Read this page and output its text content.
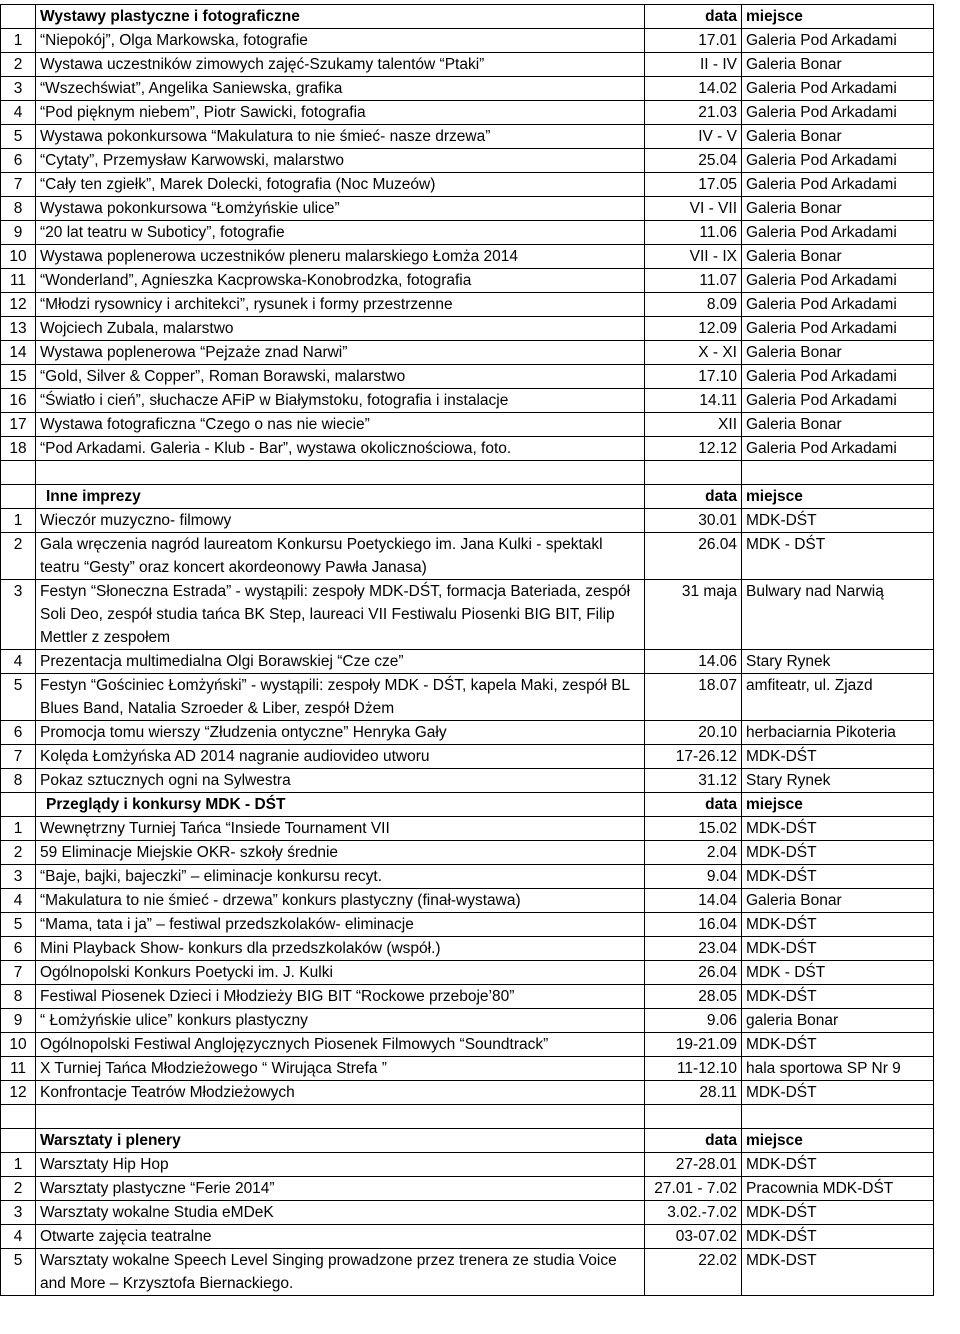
	Wystawy plastyczne i fotograficzne	data	miejsce
1	“Niepokój”, Olga Markowska, fotografie	17.01	Galeria Pod Arkadami
2	Wystawa uczestników zimowych zajęć-Szukamy talentów “Ptaki”	II - IV	Galeria Bonar
3	“Wszechświat”, Angelika Saniewska, grafika	14.02	Galeria Pod Arkadami
4	“Pod pięknym niebem”, Piotr Sawicki, fotografia	21.03	Galeria Pod Arkadami
5	Wystawa pokonkursowa “Makulatura to nie śmieć- nasze drzewa”	IV - V	Galeria Bonar
6	“Cytaty”, Przemysław Karwowski, malarstwo	25.04	Galeria Pod Arkadami
7	“Cały ten zgiełk”, Marek Dolecki, fotografia (Noc Muzeów)	17.05	Galeria Pod Arkadami
8	Wystawa pokonkursowa “Łomżyńskie ulice”	VI - VII	Galeria Bonar
9	“20 lat teatru w Suboticy”, fotografie	11.06	Galeria Pod Arkadami
10	Wystawa poplenerowa uczestników pleneru malarskiego Łomża 2014	VII - IX	Galeria Bonar
11	“Wonderland”, Agnieszka Kacprowska-Konobrodzka, fotografia	11.07	Galeria Pod Arkadami
12	“Młodzi rysownicy i architekci”, rysunek i formy przestrzenne	8.09	Galeria Pod Arkadami
13	Wojciech Zubala, malarstwo	12.09	Galeria Pod Arkadami
14	Wystawa poplenerowa “Pejzaże znad Narwi”	X - XI	Galeria Bonar
15	“Gold, Silver & Copper”, Roman Borawski, malarstwo	17.10	Galeria Pod Arkadami
16	“Światło i cień”, słuchacze AFiP w Białymstoku, fotografia i instalacje	14.11	Galeria Pod Arkadami
17	Wystawa fotograficzna “Czego o nas nie wiecie”	XII	Galeria Bonar
18	“Pod Arkadami. Galeria - Klub - Bar”, wystawa okolicznościowa, foto.	12.12	Galeria Pod Arkadami

	Inne imprezy	data	miejsce
1	Wieczór muzyczno- filmowy	30.01	MDK-DŚT
2	Gala wręczenia nagród laureatom Konkursu Poetyckiego im. Jana Kulki - spektakl teatru “Gesty” oraz koncert akordeonowy Pawła Janasa)	26.04	MDK - DŚT
3	Festyn “Słoneczna Estrada” - wystąpili: zespoły MDK-DŚT, formacja Bateriada, zespół Soli Deo, zespół studia tańca BK Step, laureaci VII Festiwalu Piosenki BIG BIT, Filip Mettler z zespołem	31 maja	Bulwary nad Narwią
4	Prezentacja multimedialna Olgi Borawskiej “Cze cze”	14.06	Stary Rynek
5	Festyn “Gościniec Łomżyński” - wystąpili: zespoły MDK - DŚT, kapela Maki, zespół BL Blues Band, Natalia Szroeder & Liber, zespół Dżem	18.07	amfiteatr, ul. Zjazd
6	Promocja tomu wierszy “Złudzenia ontyczne” Henryka Gały	20.10	herbaciarnia Pikoteria
7	Kolęda Łomżyńska AD 2014 nagranie audiovideo utworu	17-26.12	MDK-DŚT
8	Pokaz sztucznych ogni na Sylwestra	31.12	Stary Rynek
	Przeglądy i konkursy MDK - DŚT	data	miejsce
1	Wewnętrzny Turniej Tańca “Insiede Tournament VII	15.02	MDK-DŚT
2	59 Eliminacje Miejskie OKR- szkoły średnie	2.04	MDK-DŚT
3	“Baje, bajki, bajeczki” – eliminacje konkursu recyt.	9.04	MDK-DŚT
4	“Makulatura to nie śmieć - drzewa” konkurs plastyczny (finał-wystawa)	14.04	Galeria Bonar
5	“Mama, tata i ja” – festiwal przedszkolaków- eliminacje	16.04	MDK-DŚT
6	Mini Playback Show- konkurs dla przedszkolaków (współ.)	23.04	MDK-DŚT
7	Ogólnopolski Konkurs Poetycki im. J. Kulki	26.04	MDK - DŚT
8	Festiwal Piosenek Dzieci i Młodzieży BIG BIT “Rockowe przeboje’80”	28.05	MDK-DŚT
9	“ Łomżyńskie ulice” konkurs plastyczny	9.06	galeria Bonar
10	Ogólnopolski Festiwal Anglojęzycznych Piosenek Filmowych “Soundtrack”	19-21.09	MDK-DŚT
11	X Turniej Tańca Młodzieżowego “ Wirująca Strefa ”	11-12.10	hala sportowa SP Nr 9
12	Konfrontacje Teatrów Młodzieżowych	28.11	MDK-DŚT

	Warsztaty i plenery	data	miejsce
1	Warsztaty Hip Hop	27-28.01	MDK-DŚT
2	Warsztaty plastyczne “Ferie 2014”	27.01 - 7.02	Pracownia MDK-DŚT
3	Warsztaty wokalne Studia eMDeK	3.02.-7.02	MDK-DŚT
4	Otwarte zajęcia teatralne	03-07.02	MDK-DŚT
5	Warsztaty wokalne Speech Level Singing prowadzone przez trenera ze studia Voice and More – Krzysztofa Biernackiego.	22.02	MDK-DST
